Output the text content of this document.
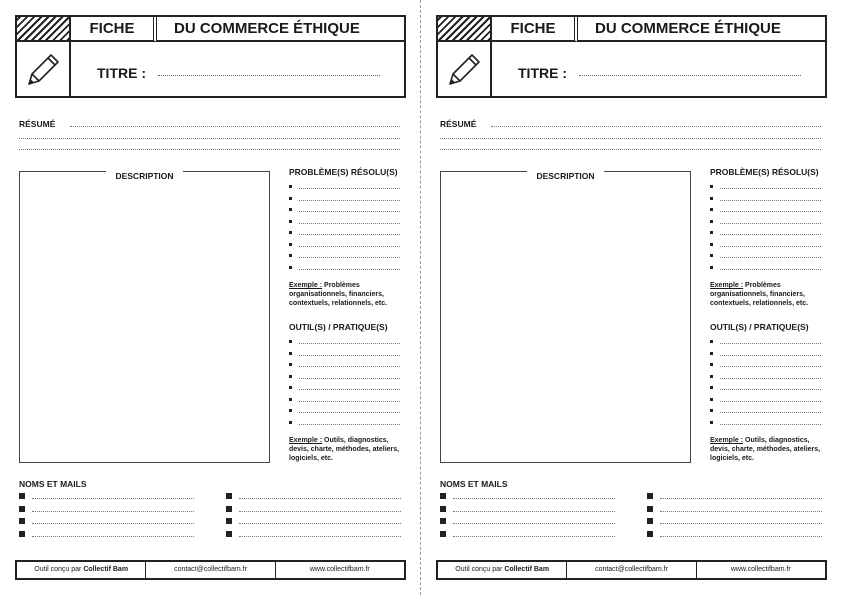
FICHE	DU COMMERCE ÉTHIQUE
TITRE :
RÉSUMÉ
DESCRIPTION	PROBLÈME(S) RÉSOLU(S)
Exemple : Problèmes organisationnels, financiers, contextuels, relationnels, etc.
OUTIL(S) / PRATIQUE(S)
Exemple : Outils, diagnostics, devis, charte, méthodes, ateliers, logiciels, etc.
NOMS ET MAILS
Outil conçu par Collectif Bam	contact@collectifbam.fr	www.collectifbam.fr
FICHE	DU COMMERCE ÉTHIQUE
TITRE :
RÉSUMÉ
DESCRIPTION	PROBLÈME(S) RÉSOLU(S)
Exemple : Problèmes organisationnels, financiers, contextuels, relationnels, etc.
OUTIL(S) / PRATIQUE(S)
Exemple : Outils, diagnostics, devis, charte, méthodes, ateliers, logiciels, etc.
NOMS ET MAILS
Outil conçu par Collectif Bam	contact@collectifbam.fr	www.collectifbam.fr
